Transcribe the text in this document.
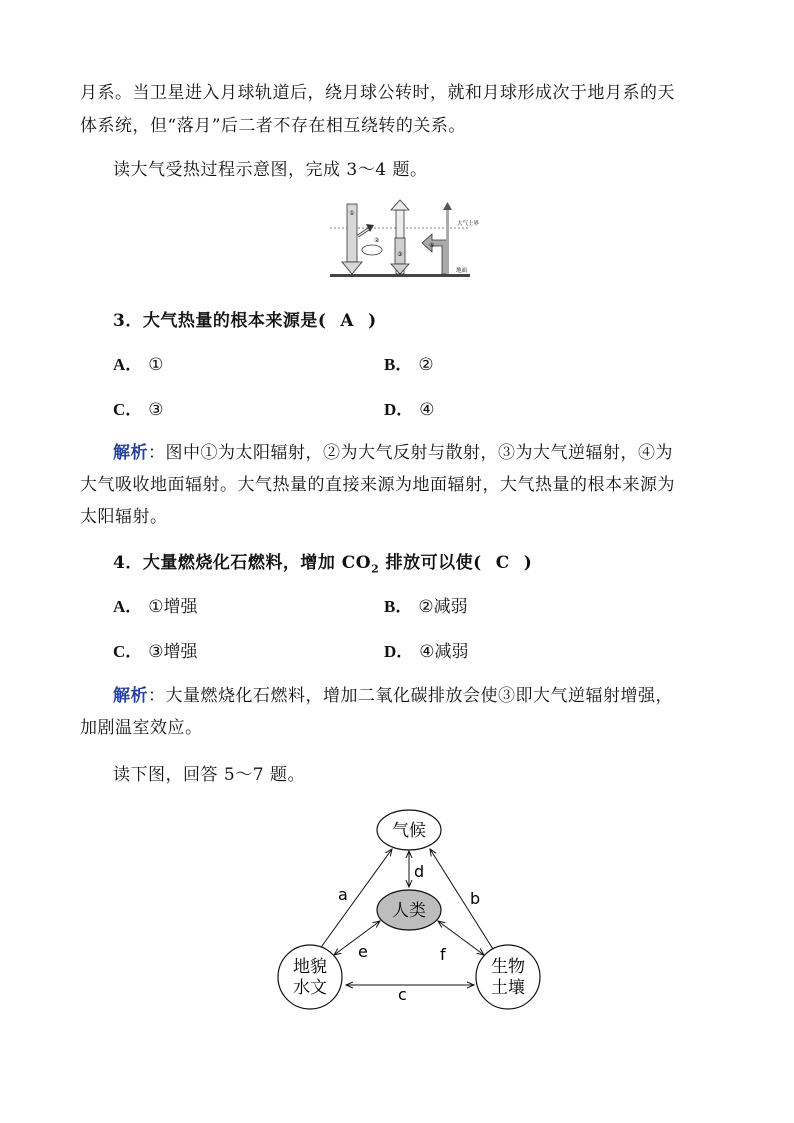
月系。当卫星进入月球轨道后，绕月球公转时，就和月球形成次于地月系的天
体系统，但“落月”后二者不存在相互绕转的关系。
读大气受热过程示意图，完成 3～4 题。
①
②
③
④
大气上界
地面
3．大气热量的根本来源是( A )
A． ①	B． ②
C． ③	D． ④
解析：图中①为太阳辐射，②为大气反射与散射，③为大气逆辐射，④为
大气吸收地面辐射。大气热量的直接来源为地面辐射，大气热量的根本来源为
太阳辐射。
4．大量燃烧化石燃料，增加 $CO_2$ 排放可以使( C )
A． ①增强	B． ②减弱
C． ③增强	D． ④减弱
解析：大量燃烧化石燃料，增加二氧化碳排放会使③即大气逆辐射增强，
加剧温室效应。
读下图，回答 5～7 题。
气候
人类
地貌
水文
生物
土壤
a	b
c
d
e	f
